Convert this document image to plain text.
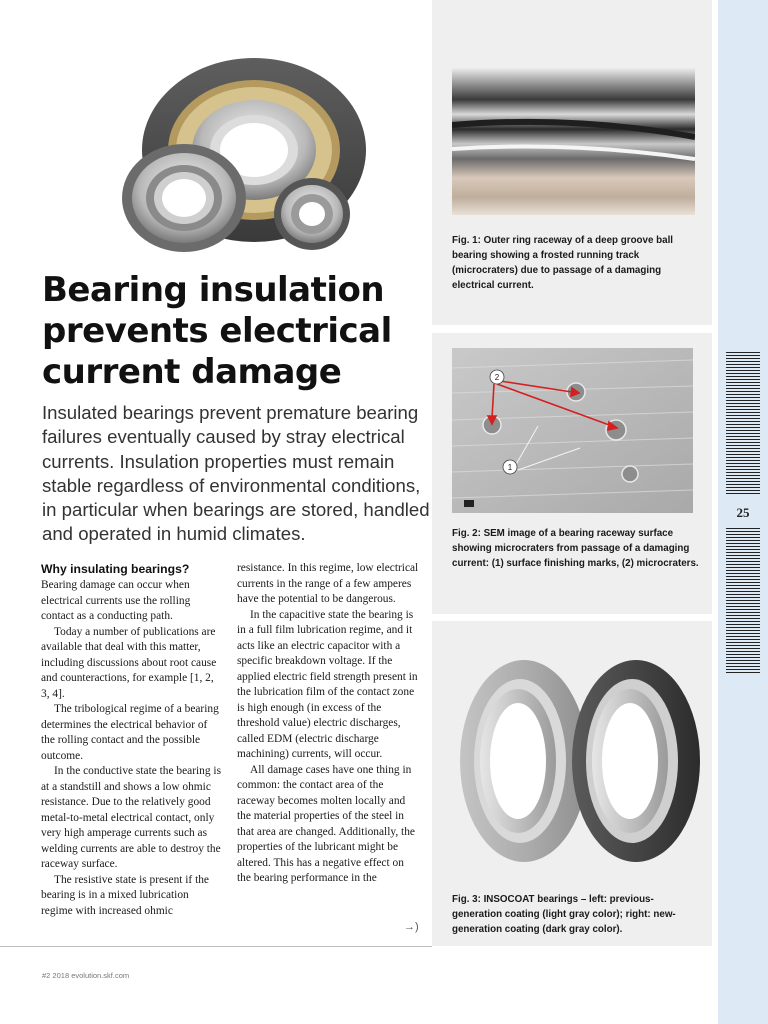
Bearing insulation prevents electrical current damage

Insulated bearings prevent premature bearing failures eventually caused by stray electrical currents. Insulation properties must remain stable regardless of environmental conditions, in particular when bearings are stored, handled and operated in humid climates.

Why insulating bearings?

Bearing damage can occur when electrical currents use the rolling contact as a conducting path.

Today a number of publications are available that deal with this matter, including discussions about root cause and counteractions, for example [1, 2, 3, 4].

The tribological regime of a bearing determines the electrical behavior of the rolling contact and the possible outcome.

In the conductive state the bearing is at a standstill and shows a low ohmic resistance. Due to the relatively good metal-to-metal electrical contact, only very high amperage currents such as welding currents are able to destroy the raceway surface.

The resistive state is present if the bearing is in a mixed lubrication regime with increased ohmic

resistance. In this regime, low electrical currents in the range of a few amperes have the potential to be dangerous.

In the capacitive state the bearing is in a full film lubrication regime, and it acts like an electric capacitor with a specific breakdown voltage. If the applied electric field strength present in the lubrication film of the contact zone is high enough (in excess of the threshold value) electric discharges, called EDM (electric discharge machining) currents, will occur.

All damage cases have one thing in common: the contact area of the raceway becomes molten locally and the material properties of the steel in that area are changed. Additionally, the properties of the lubricant might be altered. This has a negative effect on the bearing performance in the

→)
#2 2018 evolution.skf.com

Fig. 1: Outer ring raceway of a deep groove ball bearing showing a frosted running track (microcraters) due to passage of a damaging electrical current.

2
1

Fig. 2: SEM image of a bearing raceway surface showing microcraters from passage of a damaging current: (1) surface finishing marks, (2) microcraters.

Fig. 3: INSOCOAT bearings – left: previous-generation coating (light gray color); right: new-generation coating (dark gray color).

25
